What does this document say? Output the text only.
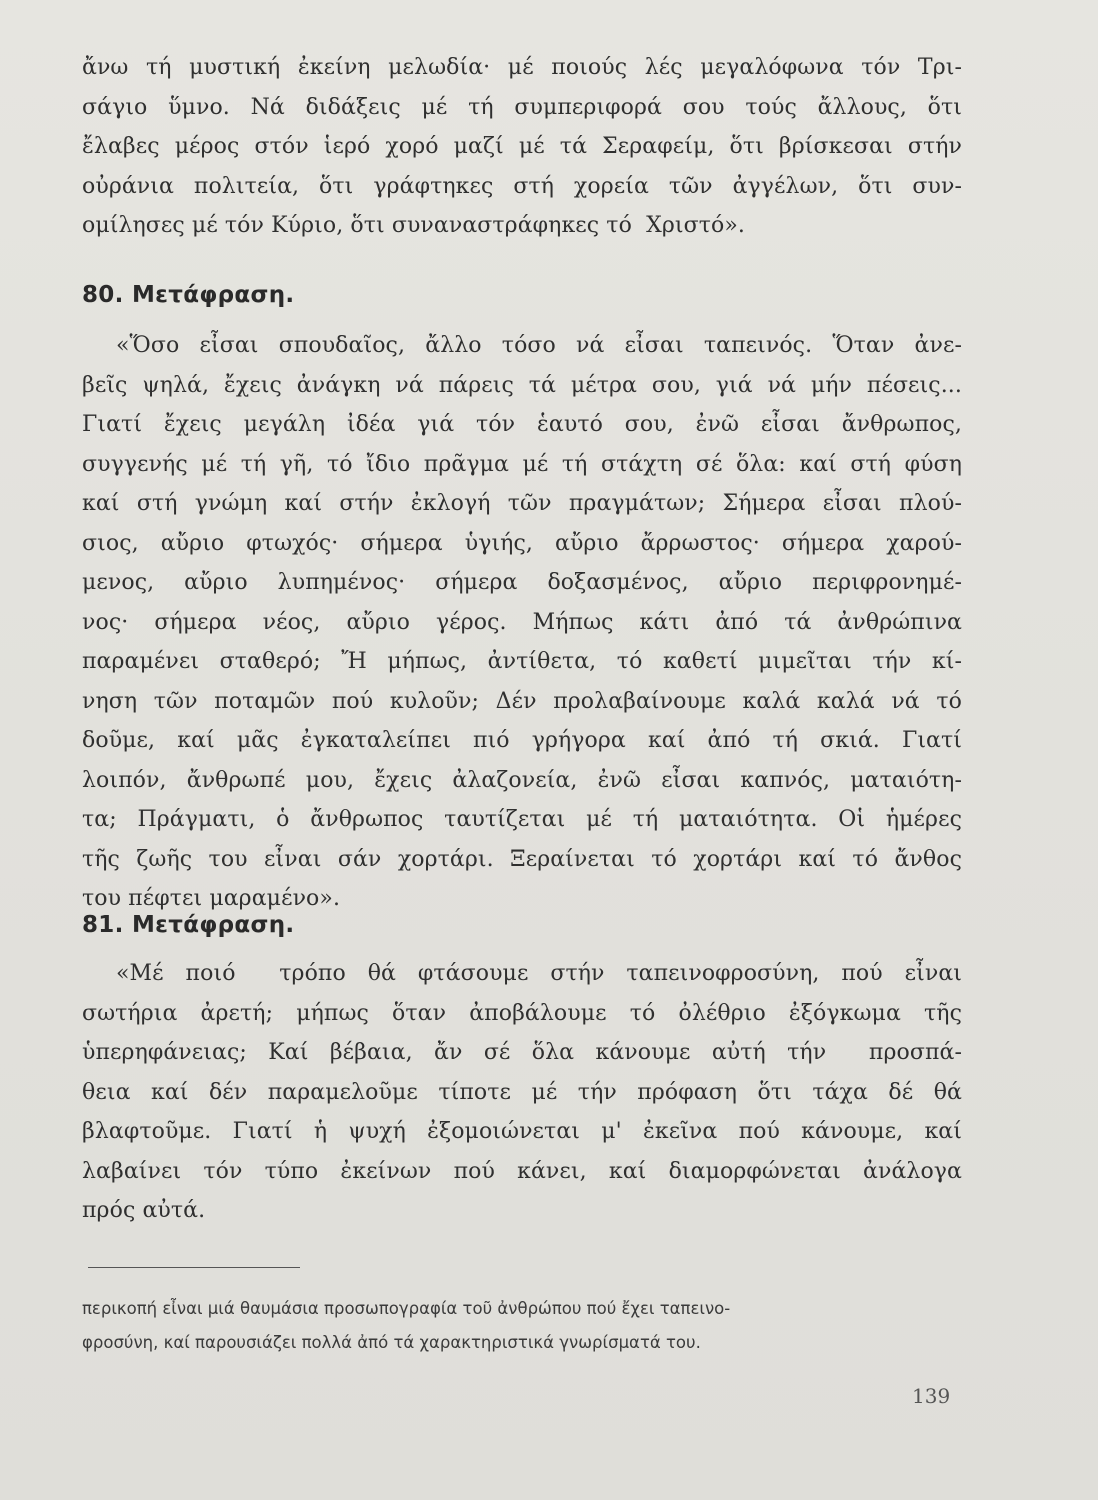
ἄνω τή μυστική ἐκείνη μελωδία· μέ ποιούς λές μεγαλόφωνα τόν Τρι-
σάγιο ὕμνο. Νά διδάξεις μέ τή συμπεριφορά σου τούς ἄλλους, ὅτι
ἔλαβες μέρος στόν ἱερό χορό μαζί μέ τά Σεραφείμ, ὅτι βρίσκεσαι στήν
οὐράνια πολιτεία, ὅτι γράφτηκες στή χορεία τῶν ἀγγέλων, ὅτι συν-
ομίλησες μέ τόν Κύριο, ὅτι συναναστράφηκες τό  Χριστό».
80. Μετάφραση.
«Ὅσο εἶσαι σπουδαῖος, ἄλλο τόσο νά εἶσαι ταπεινός. Ὅταν ἀνε-
βεῖς ψηλά, ἔχεις ἀνάγκη νά πάρεις τά μέτρα σου, γιά νά μήν πέσεις...
Γιατί ἔχεις μεγάλη ἰδέα γιά τόν ἑαυτό σου, ἐνῶ εἶσαι ἄνθρωπος,
συγγενής μέ τή γῆ, τό ἴδιο πρᾶγμα μέ τή στάχτη σέ ὅλα: καί στή φύση
καί στή γνώμη καί στήν ἐκλογή τῶν πραγμάτων; Σήμερα εἶσαι πλού-
σιος, αὔριο φτωχός· σήμερα ὑγιής, αὔριο ἄρρωστος· σήμερα χαρού-
μενος, αὔριο λυπημένος· σήμερα δοξασμένος, αὔριο περιφρονημέ-
νος· σήμερα νέος, αὔριο γέρος. Μήπως κάτι ἀπό τά ἀνθρώπινα
παραμένει σταθερό; Ἤ μήπως, ἀντίθετα, τό καθετί μιμεῖται τήν κί-
νηση τῶν ποταμῶν πού κυλοῦν; Δέν προλαβαίνουμε καλά καλά νά τό
δοῦμε, καί μᾶς ἐγκαταλείπει πιό γρήγορα καί ἀπό τή σκιά. Γιατί
λοιπόν, ἄνθρωπέ μου, ἔχεις ἀλαζονεία, ἐνῶ εἶσαι καπνός, ματαιότη-
τα; Πράγματι, ὁ ἄνθρωπος ταυτίζεται μέ τή ματαιότητα. Οἱ ἡμέρες
τῆς ζωῆς του εἶναι σάν χορτάρι. Ξεραίνεται τό χορτάρι καί τό ἄνθος
του πέφτει μαραμένο».
81. Μετάφραση.
«Μέ ποιό  τρόπο θά φτάσουμε στήν ταπεινοφροσύνη, πού εἶναι
σωτήρια ἀρετή; μήπως ὅταν ἀποβάλουμε τό ὀλέθριο ἐξόγκωμα τῆς
ὑπερηφάνειας; Καί βέβαια, ἄν σέ ὅλα κάνουμε αὐτή τήν  προσπά-
θεια καί δέν παραμελοῦμε τίποτε μέ τήν πρόφαση ὅτι τάχα δέ θά
βλαφτοῦμε. Γιατί ἡ ψυχή ἐξομοιώνεται μ' ἐκεῖνα πού κάνουμε, καί
λαβαίνει τόν τύπο ἐκείνων πού κάνει, καί διαμορφώνεται ἀνάλογα
πρός αὐτά.
περικοπή εἶναι μιά θαυμάσια προσωπογραφία τοῦ ἀνθρώπου πού ἔχει ταπεινο-
φροσύνη, καί παρουσιάζει πολλά ἀπό τά χαρακτηριστικά γνωρίσματά του.
139
